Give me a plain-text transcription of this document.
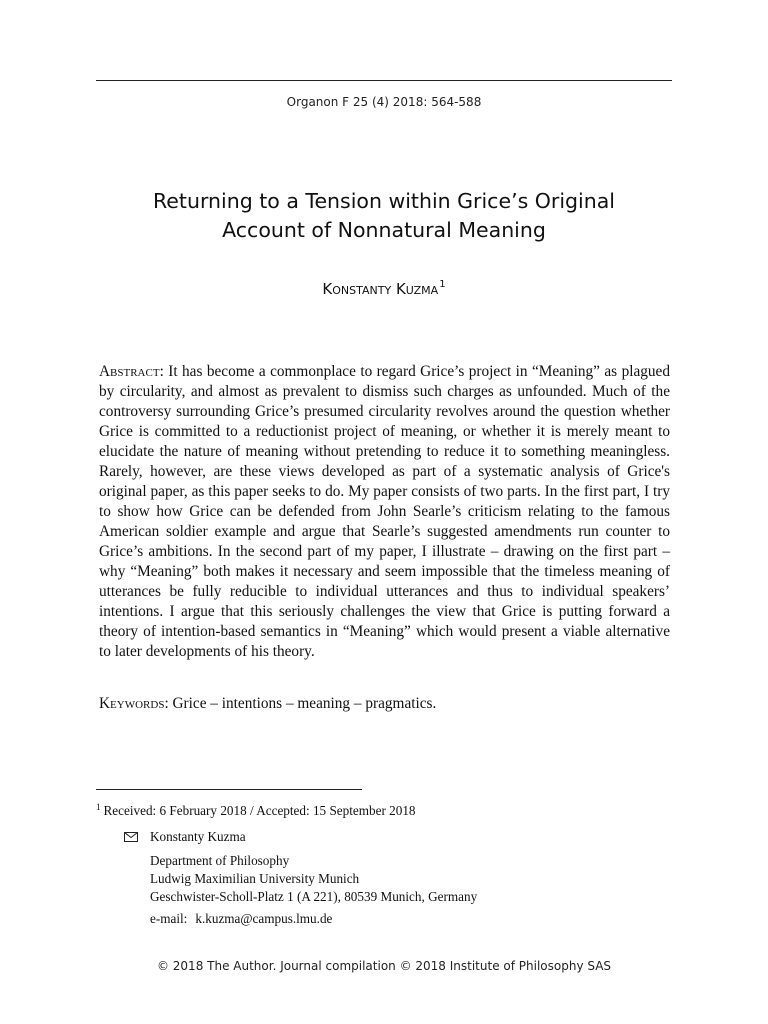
Organon F 25 (4) 2018: 564-588
Returning to a Tension within Grice’s Original
Account of Nonnatural Meaning
Konstanty Kuzma$^1$
Abstract: It has become a commonplace to regard Grice’s project in “Meaning” as plagued by circularity, and almost as prevalent to dismiss such charges as unfounded. Much of the controversy surrounding Grice’s presumed circularity revolves around the question whether Grice is committed to a reductionist project of meaning, or whether it is merely meant to elucidate the nature of meaning without pretending to reduce it to something meaningless. Rarely, however, are these views developed as part of a systematic analysis of Grice's original paper, as this paper seeks to do. My paper consists of two parts. In the first part, I try to show how Grice can be defended from John Searle’s criticism relating to the famous American soldier example and argue that Searle’s suggested amendments run counter to Grice’s ambitions. In the second part of my paper, I illustrate – drawing on the first part – why “Meaning” both makes it necessary and seem impossible that the timeless meaning of utterances be fully reducible to individual utterances and thus to individual speakers’ intentions. I argue that this seriously challenges the view that Grice is putting forward a theory of intention-based semantics in “Meaning” which would present a viable alternative to later developments of his theory.
Keywords: Grice – intentions – meaning – pragmatics.
$^1$ Received: 6 February 2018 / Accepted: 15 September 2018
Konstanty Kuzma
Department of Philosophy
Ludwig Maximilian University Munich
Geschwister-Scholl-Platz 1 (A 221), 80539 Munich, Germany
e-mail: k.kuzma@campus.lmu.de
© 2018 The Author. Journal compilation © 2018 Institute of Philosophy SAS
